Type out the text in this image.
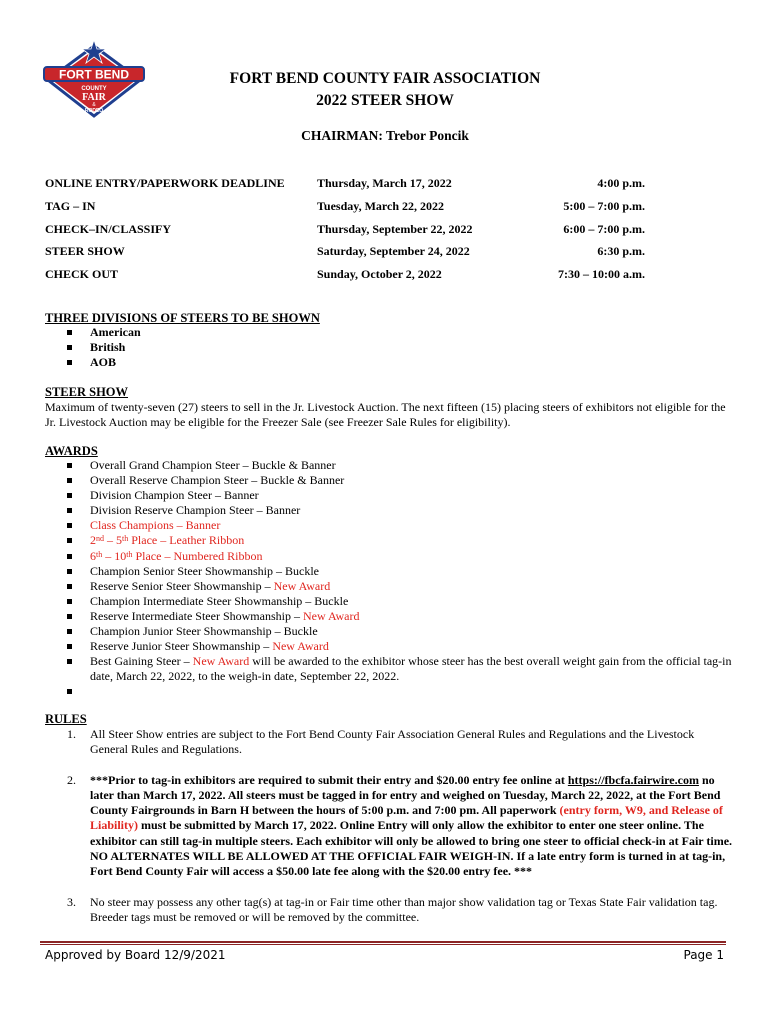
FORT BEND
COUNTY
FAIR
&
RODEO
FORT BEND COUNTY FAIR ASSOCIATION
2022 STEER SHOW
CHAIRMAN: Trebor Poncik
ONLINE ENTRY/PAPERWORK DEADLINE	Thursday, March 17, 2022	4:00 p.m.
TAG – IN	Tuesday, March 22, 2022	5:00 – 7:00 p.m.
CHECK–IN/CLASSIFY	Thursday, September 22, 2022	6:00 – 7:00 p.m.
STEER SHOW	Saturday, September 24, 2022	6:30 p.m.
CHECK OUT	Sunday, October 2, 2022	7:30 – 10:00 a.m.
THREE DIVISIONS OF STEERS TO BE SHOWN
American
British
AOB
STEER SHOW
Maximum of twenty-seven (27) steers to sell in the Jr. Livestock Auction. The next fifteen (15) placing steers of exhibitors not eligible for the Jr. Livestock Auction may be eligible for the Freezer Sale (see Freezer Sale Rules for eligibility).
AWARDS
Overall Grand Champion Steer – Buckle & Banner
Overall Reserve Champion Steer – Buckle & Banner
Division Champion Steer – Banner
Division Reserve Champion Steer – Banner
Class Champions – Banner
2nd – 5th Place – Leather Ribbon
6th – 10th Place – Numbered Ribbon
Champion Senior Steer Showmanship – Buckle
Reserve Senior Steer Showmanship – New Award
Champion Intermediate Steer Showmanship – Buckle
Reserve Intermediate Steer Showmanship – New Award
Champion Junior Steer Showmanship – Buckle
Reserve Junior Steer Showmanship – New Award
Best Gaining Steer – New Award will be awarded to the exhibitor whose steer has the best overall weight gain from the official tag-in date, March 22, 2022, to the weigh-in date, September 22, 2022.

RULES
1. All Steer Show entries are subject to the Fort Bend County Fair Association General Rules and Regulations and the Livestock General Rules and Regulations.
2. ***Prior to tag-in exhibitors are required to submit their entry and $20.00 entry fee online at https://fbcfa.fairwire.com no later than March 17, 2022. All steers must be tagged in for entry and weighed on Tuesday, March 22, 2022, at the Fort Bend County Fairgrounds in Barn H between the hours of 5:00 p.m. and 7:00 pm. All paperwork (entry form, W9, and Release of Liability) must be submitted by March 17, 2022. Online Entry will only allow the exhibitor to enter one steer online. The exhibitor can still tag-in multiple steers. Each exhibitor will only be allowed to bring one steer to official check-in at Fair time. NO ALTERNATES WILL BE ALLOWED AT THE OFFICIAL FAIR WEIGH-IN. If a late entry form is turned in at tag-in, Fort Bend County Fair will access a $50.00 late fee along with the $20.00 entry fee. ***
3. No steer may possess any other tag(s) at tag-in or Fair time other than major show validation tag or Texas State Fair validation tag. Breeder tags must be removed or will be removed by the committee.
Approved by Board 12/9/2021	Page 1
